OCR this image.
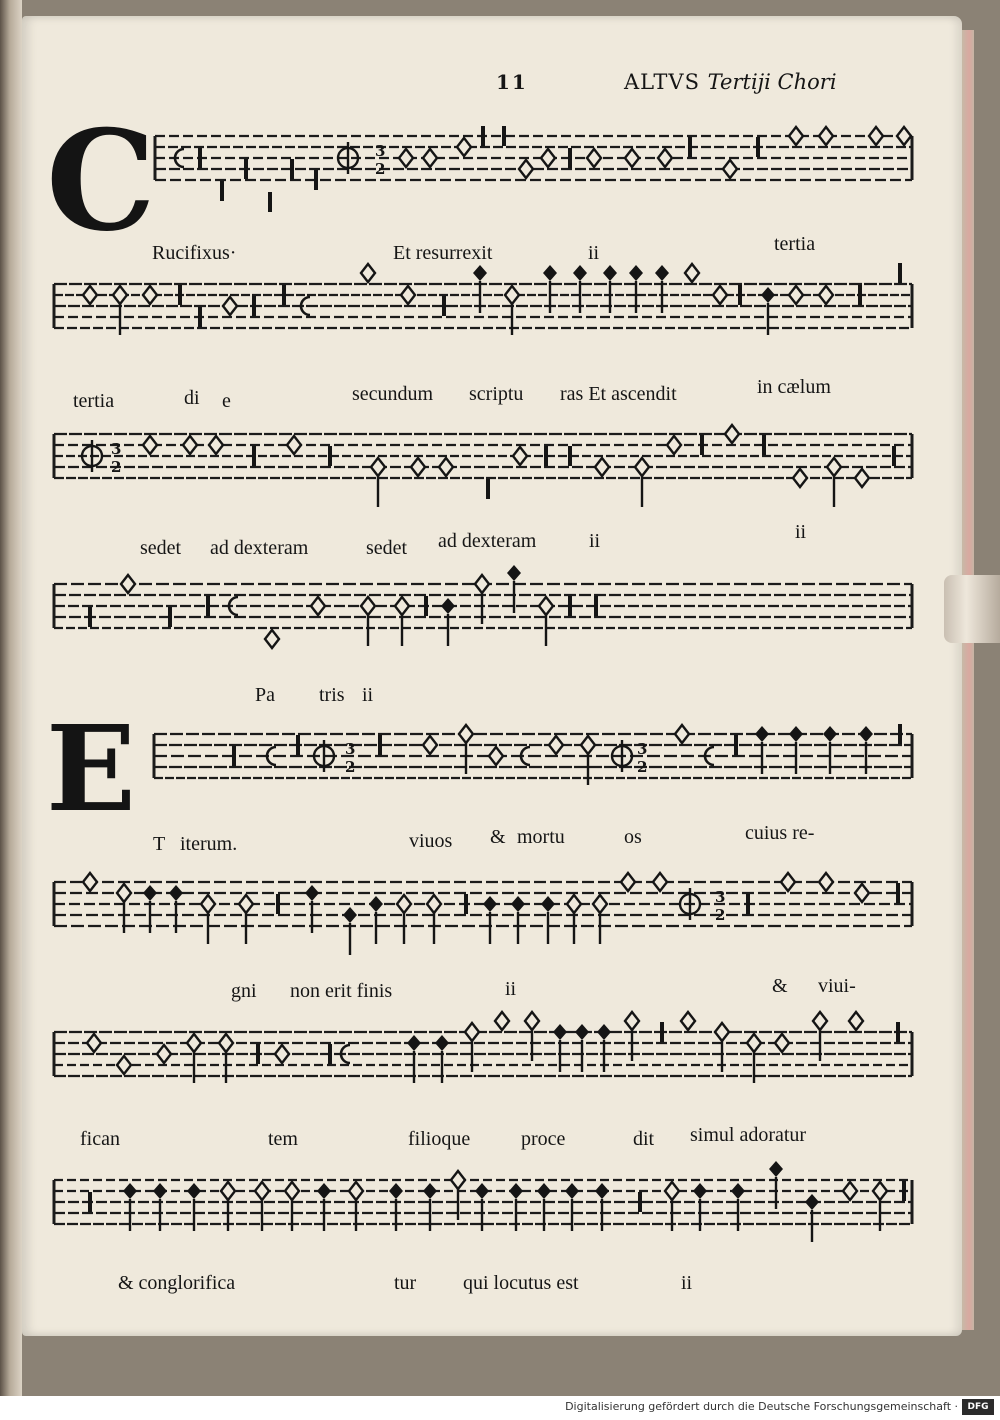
11	ALTVS Tertiji Chori
C
E
3
2
3
2
3
2
3
2
3
2
Rucifixus·	Et resurrexit	ii	tertia
tertia	di e	secundum scriptu ras Et ascendit	in cælum
sedet ad dexteram	sedet ad dexteram	ii	ii
Pa tris ii
T iterum.	viuos & mortu	os	cuius re-
gni non erit finis	ii	& viui-
fican	tem	filioque	proce	dit simul adoratur
& conglorifica	tur qui locutus est	ii
Digitalisierung gefördert durch die Deutsche Forschungsgemeinschaft ·	DFG
